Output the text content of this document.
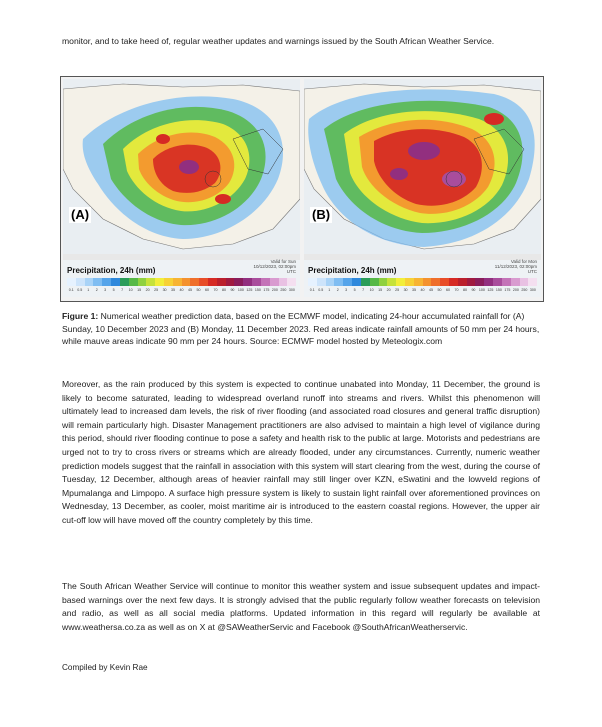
monitor, and to take heed of, regular weather updates and warnings issued by the South African Weather Service.

(A)
Precipitation, 24h (mm)
Valid for Sun 10/12/2023, 02:00pm UTC
0.1 0.5	1	2	3	5	7	10	15	20	25	30	35	40	45	50	60	70	80	90 100 125 150 175 200 250 300
(B)
Precipitation, 24h (mm)
Valid for Mon 11/12/2023, 02:00pm UTC
0.1 0.5	1	2	3	5	7	10	15	20	25	30	35	40	45	50	60	70	80	90 100 125 150 175 200 250 300

Figure 1: Numerical weather prediction data, based on the ECMWF model, indicating 24-hour accumulated rainfall for (A) Sunday, 10 December 2023 and (B) Monday, 11 December 2023. Red areas indicate rainfall amounts of 50 mm per 24 hours, while mauve areas indicate 90 mm per 24 hours. Source: ECMWF model hosted by Meteologix.com

Moreover, as the rain produced by this system is expected to continue unabated into Monday, 11 December, the ground is likely to become saturated, leading to widespread overland runoff into streams and rivers. Whilst this phenomenon will ultimately lead to increased dam levels, the risk of river flooding (and associated road closures and general traffic disruption) will remain particularly high. Disaster Management practitioners are also advised to maintain a high level of vigilance during this period, should river flooding continue to pose a safety and health risk to the public at large. Motorists and pedestrians are urged not to try to cross rivers or streams which are already flooded, under any circumstances. Currently, numeric weather prediction models suggest that the rainfall in association with this system will start clearing from the west, during the course of Tuesday, 12 December, although areas of heavier rainfall may still linger over KZN, eSwatini and the lowveld regions of Mpumalanga and Limpopo. A surface high pressure system is likely to sustain light rainfall over aforementioned provinces on Wednesday, 13 December, as cooler, moist maritime air is introduced to the eastern coastal regions. However, the upper air cut-off low will have moved off the country completely by this time.

The South African Weather Service will continue to monitor this weather system and issue subsequent updates and impact-based warnings over the next few days. It is strongly advised that the public regularly follow weather forecasts on television and radio, as well as all social media platforms. Updated information in this regard will regularly be available at www.weathersa.co.za as well as on X at @SAWeatherServic and Facebook @SouthAfricanWeatherservic.

Compiled by Kevin Rae
